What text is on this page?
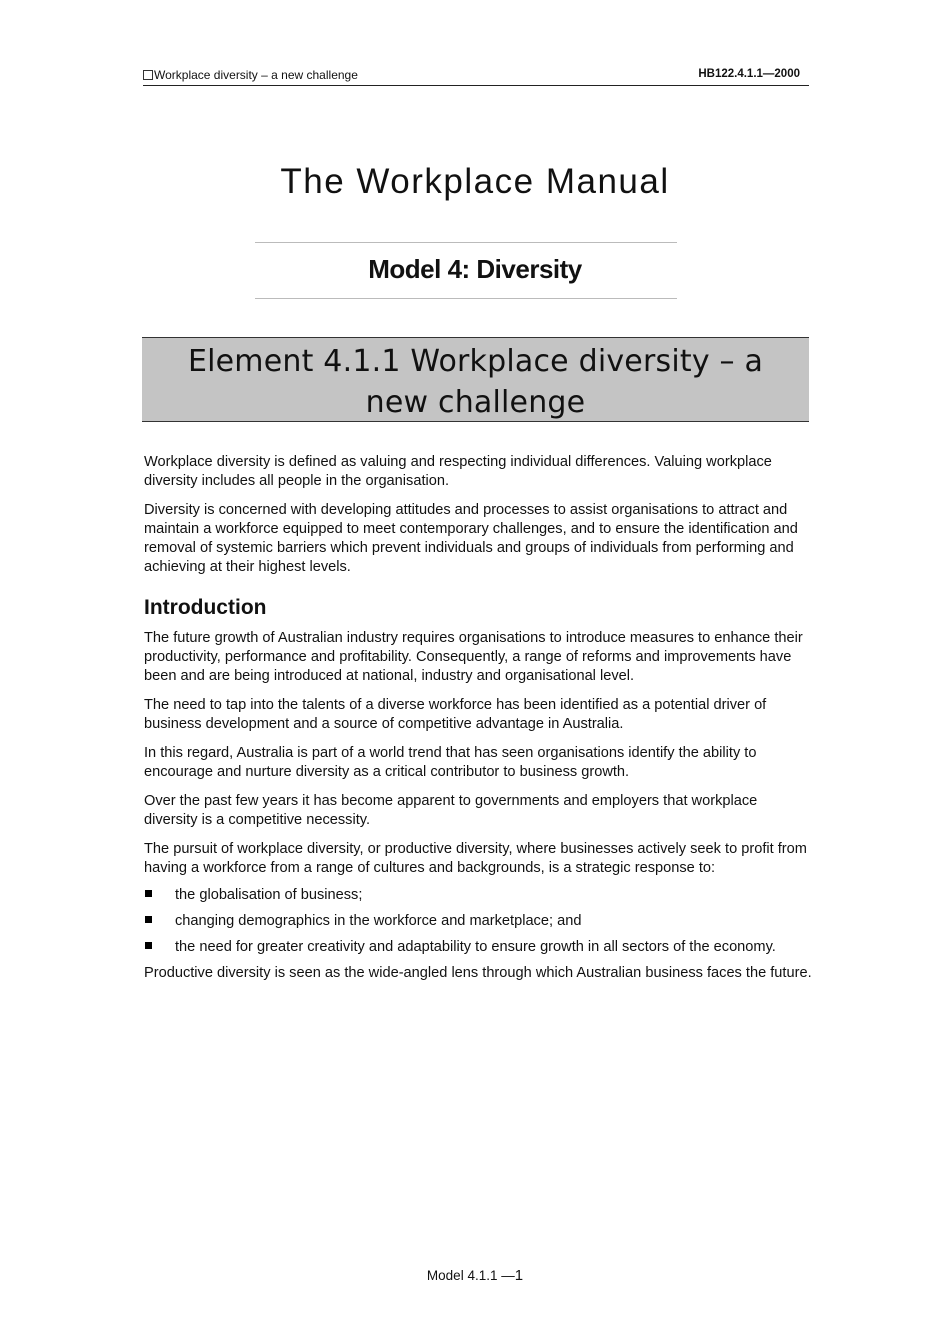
Workplace diversity – a new challenge	HB122.4.1.1—2000
The Workplace Manual
Model 4: Diversity
Element 4.1.1 Workplace diversity – a
new challenge

Workplace diversity is defined as valuing and respecting individual differences. Valuing workplace diversity includes all people in the organisation.

Diversity is concerned with developing attitudes and processes to assist organisations to attract and maintain a workforce equipped to meet contemporary challenges, and to ensure the identification and removal of systemic barriers which prevent individuals and groups of individuals from performing and achieving at their highest levels.

Introduction

The future growth of Australian industry requires organisations to introduce measures to enhance their productivity, performance and profitability. Consequently, a range of reforms and improvements have been and are being introduced at national, industry and organisational level.

The need to tap into the talents of a diverse workforce has been identified as a potential driver of business development and a source of competitive advantage in Australia.

In this regard, Australia is part of a world trend that has seen organisations identify the ability to encourage and nurture diversity as a critical contributor to business growth.

Over the past few years it has become apparent to governments and employers that workplace diversity is a competitive necessity.

The pursuit of workplace diversity, or productive diversity, where businesses actively seek to profit from having a workforce from a range of cultures and backgrounds, is a strategic response to:

the globalisation of business;
changing demographics in the workforce and marketplace; and
the need for greater creativity and adaptability to ensure growth in all sectors of the economy.

Productive diversity is seen as the wide-angled lens through which Australian business faces the future.

Model 4.1.1 —1
